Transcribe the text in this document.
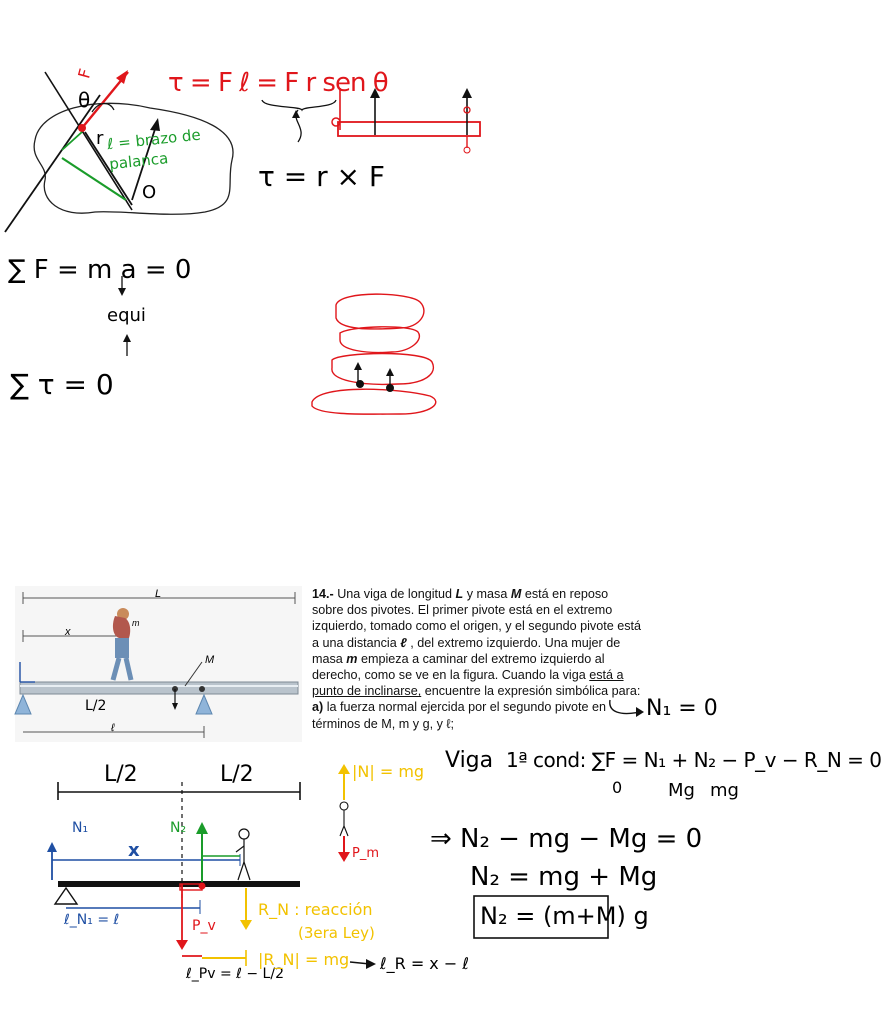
F
θ
r
O
ℓ = brazo de palanca
τ = F ℓ = F r sen θ
τ = r × F
∑ F = m a = 0
equi
∑ τ = 0
L
x
m
M
L/2
ℓ
14.- Una viga de longitud L y masa M está en reposo sobre dos pivotes. El primer pivote está en el extremo izquierdo, tomado como el origen, y el segundo pivote está a una distancia ℓ , del extremo izquierdo. Una mujer de masa m empieza a caminar del extremo izquierdo al derecho, como se ve en la figura. Cuando la viga está a punto de inclinarse, encuentre la expresión simbólica para:
a) la fuerza normal ejercida por el segundo pivote en términos de M, m y g, y ℓ;
N₁ = 0
Viga 1ª cond: ∑F = N₁ + N₂ − P_v − R_N = 0
0	Mg mg
L/2	L/2
N₁	N₂
x
ℓ_N₁ = ℓ	P_v
ℓ_Pv = ℓ − L/2
R_N : reacción
(3era Ley)
|R_N| = mg ℓ_R = x − ℓ
|N| = mg
P_m ⇒ N₂ − mg − Mg = 0
N₂ = mg + Mg
N₂ = (m+M) g
